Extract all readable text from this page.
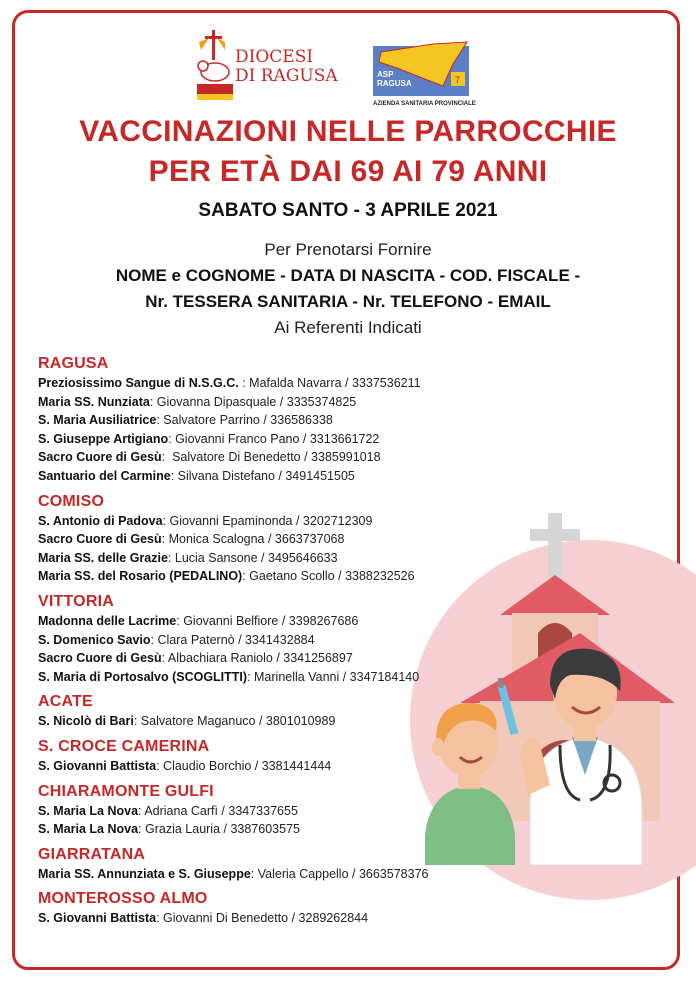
DIOCESI
DI RAGUSA	7
ASP
RAGUSA
AZIENDA SANITARIA PROVINCIALE
VACCINAZIONI NELLE PARROCCHIE
PER ETÀ DAI 69 AI 79 ANNI
SABATO SANTO - 3 APRILE 2021
Per Prenotarsi Fornire
NOME e COGNOME - DATA DI NASCITA - COD. FISCALE -
Nr. TESSERA SANITARIA - Nr. TELEFONO - EMAIL
Ai Referenti Indicati
RAGUSA
Preziosissimo Sangue di N.S.G.C. : Mafalda Navarra / 3337536211
Maria SS. Nunziata: Giovanna Dipasquale / 3335374825
S. Maria Ausiliatrice: Salvatore Parrino / 336586338
S. Giuseppe Artigiano: Giovanni Franco Pano / 3313661722
Sacro Cuore di Gesù:  Salvatore Di Benedetto / 3385991018
Santuario del Carmine: Silvana Distefano / 3491451505
COMISO
S. Antonio di Padova: Giovanni Epaminonda / 3202712309
Sacro Cuore di Gesù: Monica Scalogna / 3663737068
Maria SS. delle Grazie: Lucia Sansone / 3495646633
Maria SS. del Rosario (PEDALINO): Gaetano Scollo / 3388232526
VITTORIA
Madonna delle Lacrime: Giovanni Belfiore / 3398267686
S. Domenico Savio: Clara Paternò / 3341432884
Sacro Cuore di Gesù: Albachiara Raniolo / 3341256897
S. Maria di Portosalvo (SCOGLITTI): Marinella Vanni / 3347184140
ACATE
S. Nicolò di Bari: Salvatore Maganuco / 3801010989
S. CROCE CAMERINA
S. Giovanni Battista: Claudio Borchio / 3381441444
CHIARAMONTE GULFI
S. Maria La Nova: Adriana Carfì / 3347337655
S. Maria La Nova: Grazia Lauria / 3387603575
GIARRATANA
Maria SS. Annunziata e S. Giuseppe: Valeria Cappello / 3663578376
MONTEROSSO ALMO
S. Giovanni Battista: Giovanni Di Benedetto / 3289262844
